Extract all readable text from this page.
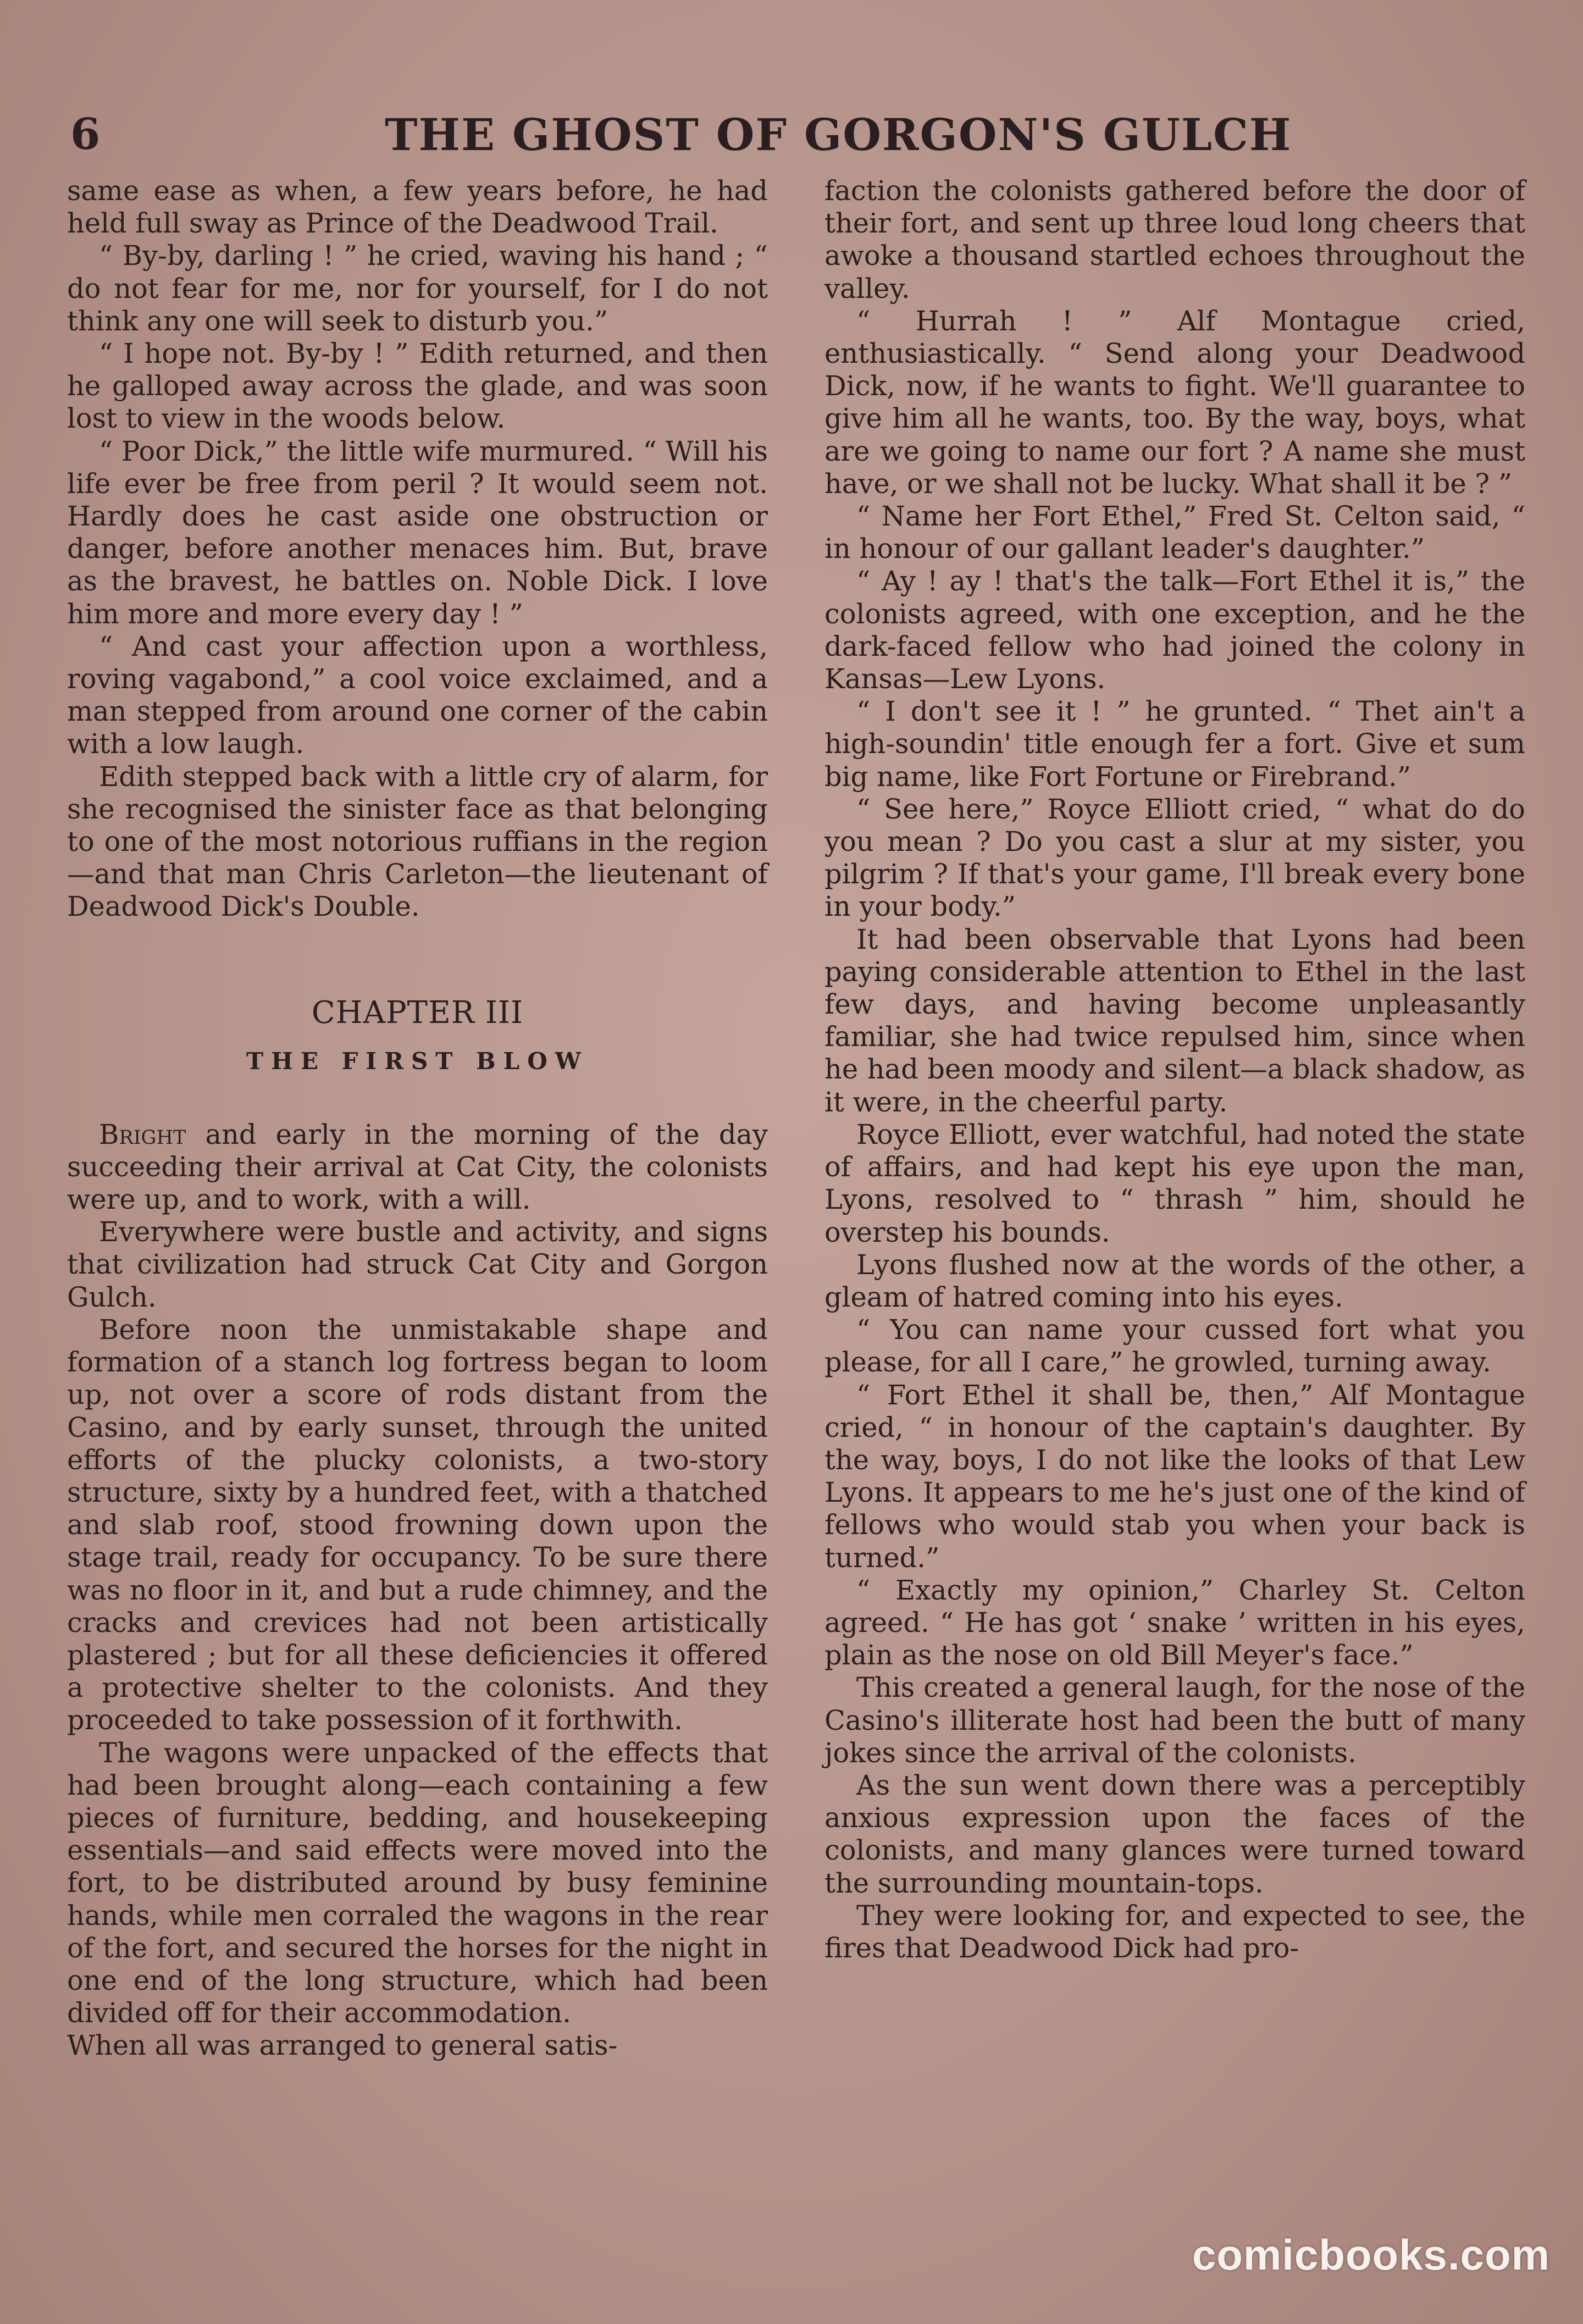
6	THE GHOST OF GORGON'S GULCH

same ease as when, a few years before, he had held full sway as Prince of the Deadwood Trail.

“ By-by, darling ! ” he cried, waving his hand ; “ do not fear for me, nor for yourself, for I do not think any one will seek to disturb you.”

“ I hope not. By-by ! ” Edith returned, and then he galloped away across the glade, and was soon lost to view in the woods below.

“ Poor Dick,” the little wife murmured. “ Will his life ever be free from peril ? It would seem not. Hardly does he cast aside one obstruction or danger, before another menaces him. But, brave as the bravest, he battles on. Noble Dick. I love him more and more every day ! ”

“ And cast your affection upon a worthless, roving vagabond,” a cool voice exclaimed, and a man stepped from around one corner of the cabin with a low laugh.

Edith stepped back with a little cry of alarm, for she recognised the sinister face as that belonging to one of the most notorious ruffians in the region—and that man Chris Carleton—the lieutenant of Deadwood Dick's Double.

CHAPTER III
THE FIRST BLOW

Bright and early in the morning of the day succeeding their arrival at Cat City, the colonists were up, and to work, with a will.

Everywhere were bustle and activity, and signs that civilization had struck Cat City and Gorgon Gulch.

Before noon the unmistakable shape and formation of a stanch log fortress began to loom up, not over a score of rods distant from the Casino, and by early sunset, through the united efforts of the plucky colonists, a two-story structure, sixty by a hundred feet, with a thatched and slab roof, stood frowning down upon the stage trail, ready for occupancy. To be sure there was no floor in it, and but a rude chimney, and the cracks and crevices had not been artistically plastered ; but for all these deficiencies it offered a protective shelter to the colonists. And they proceeded to take possession of it forthwith.

The wagons were unpacked of the effects that had been brought along—each containing a few pieces of furniture, bedding, and housekeeping essentials—and said effects were moved into the fort, to be distributed around by busy feminine hands, while men corraled the wagons in the rear of the fort, and secured the horses for the night in one end of the long structure, which had been divided off for their accommodation.

When all was arranged to general satis-

faction the colonists gathered before the door of their fort, and sent up three loud long cheers that awoke a thousand startled echoes throughout the valley.

“ Hurrah ! ” Alf Montague cried, enthusiastically. “ Send along your Deadwood Dick, now, if he wants to fight. We'll guarantee to give him all he wants, too. By the way, boys, what are we going to name our fort ? A name she must have, or we shall not be lucky. What shall it be ? ”

“ Name her Fort Ethel,” Fred St. Celton said, “ in honour of our gallant leader's daughter.”

“ Ay ! ay ! that's the talk—Fort Ethel it is,” the colonists agreed, with one exception, and he the dark-faced fellow who had joined the colony in Kansas—Lew Lyons.

“ I don't see it ! ” he grunted. “ Thet ain't a high-soundin' title enough fer a fort. Give et sum big name, like Fort Fortune or Firebrand.”

“ See here,” Royce Elliott cried, “ what do do you mean ? Do you cast a slur at my sister, you pilgrim ? If that's your game, I'll break every bone in your body.”

It had been observable that Lyons had been paying considerable attention to Ethel in the last few days, and having become unpleasantly familiar, she had twice repulsed him, since when he had been moody and silent—a black shadow, as it were, in the cheerful party.

Royce Elliott, ever watchful, had noted the state of affairs, and had kept his eye upon the man, Lyons, resolved to “ thrash ” him, should he overstep his bounds.

Lyons flushed now at the words of the other, a gleam of hatred coming into his eyes.

“ You can name your cussed fort what you please, for all I care,” he growled, turning away.

“ Fort Ethel it shall be, then,” Alf Montague cried, “ in honour of the captain's daughter. By the way, boys, I do not like the looks of that Lew Lyons. It appears to me he's just one of the kind of fellows who would stab you when your back is turned.”

“ Exactly my opinion,” Charley St. Celton agreed. “ He has got ‘ snake ’ written in his eyes, plain as the nose on old Bill Meyer's face.”

This created a general laugh, for the nose of the Casino's illiterate host had been the butt of many jokes since the arrival of the colonists.

As the sun went down there was a perceptibly anxious expression upon the faces of the colonists, and many glances were turned toward the surrounding mountain-tops.

They were looking for, and expected to see, the fires that Deadwood Dick had pro-

comicbooks.com
